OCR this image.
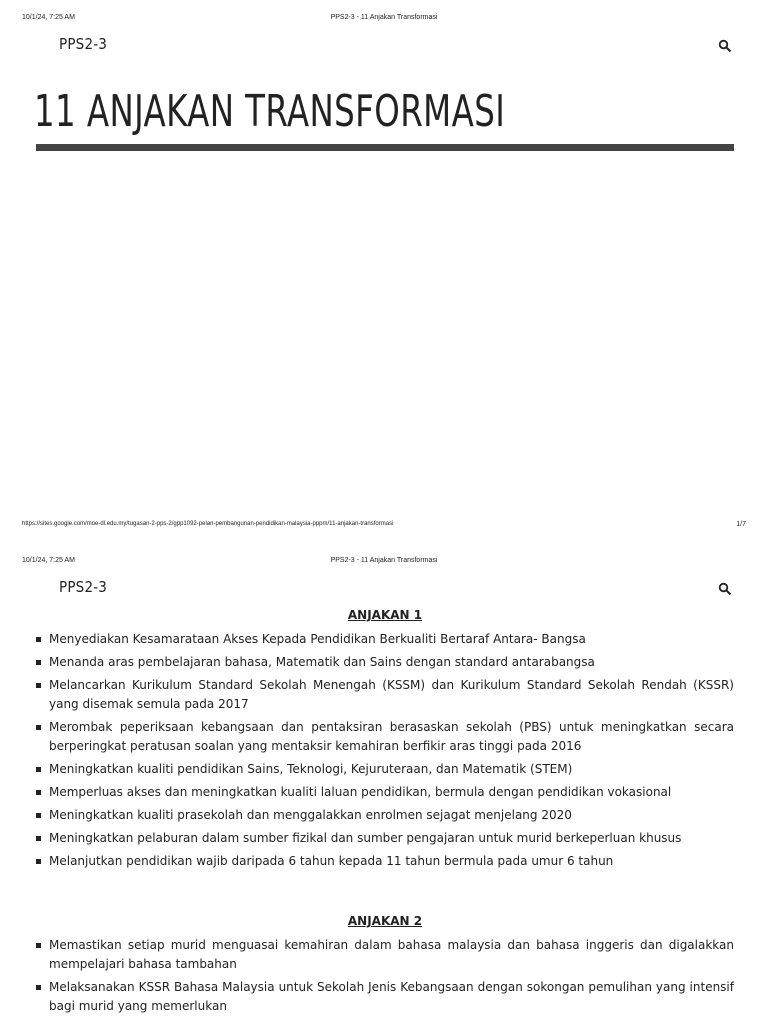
10/1/24, 7:25 AM	PPS2-3 - 11 Anjakan Transformasi
PPS2-3
11 ANJAKAN TRANSFORMASI
https://sites.google.com/moe-dl.edu.my/tugasan-2-pps-2/gpp1092-pelan-pembangunan-pendidikan-malaysia-pppm/11-anjakan-transformasi	1/7
10/1/24, 7:25 AM	PPS2-3 - 11 Anjakan Transformasi
PPS2-3
ANJAKAN 1
Menyediakan Kesamarataan Akses Kepada Pendidikan Berkualiti Bertaraf Antara- Bangsa
Menanda aras pembelajaran bahasa, Matematik dan Sains dengan standard antarabangsa
Melancarkan Kurikulum Standard Sekolah Menengah (KSSM) dan Kurikulum Standard Sekolah Rendah (KSSR) yang disemak semula pada 2017
Merombak peperiksaan kebangsaan dan pentaksiran berasaskan sekolah (PBS) untuk meningkatkan secara berperingkat peratusan soalan yang mentaksir kemahiran berfikir aras tinggi pada 2016
Meningkatkan kualiti pendidikan Sains, Teknologi, Kejuruteraan, dan Matematik (STEM)
Memperluas akses dan meningkatkan kualiti laluan pendidikan, bermula dengan pendidikan vokasional
Meningkatkan kualiti prasekolah dan menggalakkan enrolmen sejagat menjelang 2020
Meningkatkan pelaburan dalam sumber fizikal dan sumber pengajaran untuk murid berkeperluan khusus
Melanjutkan pendidikan wajib daripada 6 tahun kepada 11 tahun bermula pada umur 6 tahun
ANJAKAN 2
Memastikan setiap murid menguasai kemahiran dalam bahasa malaysia dan bahasa inggeris dan digalakkan mempelajari bahasa tambahan
Melaksanakan KSSR Bahasa Malaysia untuk Sekolah Jenis Kebangsaan dengan sokongan pemulihan yang intensif bagi murid yang memerlukan
